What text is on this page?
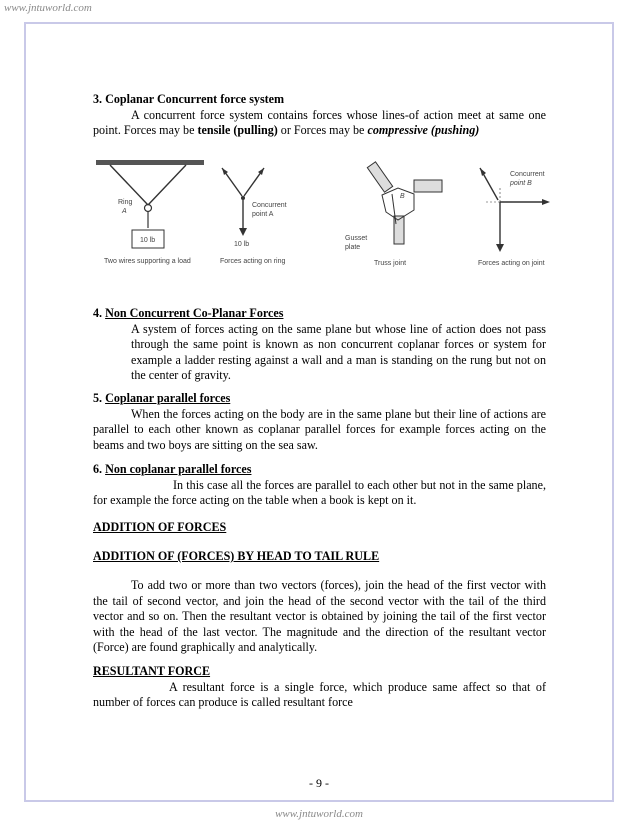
www.jntuworld.com

3. Coplanar Concurrent force system

A concurrent force system contains forces whose lines-of action meet at same one point. Forces may be tensile (pulling) or Forces may be compressive (pushing)

10 lb
Ring
A
Two wires supporting a load
Concurrent
point A
10 lb
Forces acting on ring
B
Gusset
plate
Truss joint
Concurrent
point B
Forces acting on joint

4. Non Concurrent Co-Planar Forces

A system of forces acting on the same plane but whose line of action does not pass through the same point is known as non concurrent coplanar forces or system for example a ladder resting against a wall and a man is standing on the rung but not on the center of gravity.

5. Coplanar parallel forces

When the forces acting on the body are in the same plane but their line of actions are parallel to each other known as coplanar parallel forces for example forces acting on the beams and two boys are sitting on the sea saw.

6. Non coplanar parallel forces

In this case all the forces are parallel to each other but not in the same plane, for example the force acting on the table when a book is kept on it.

ADDITION OF FORCES

ADDITION OF (FORCES) BY HEAD TO TAIL RULE

To add two or more than two vectors (forces), join the head of the first vector with the tail of second vector, and join the head of the second vector with the tail of the third vector and so on. Then the resultant vector is obtained by joining the tail of the first vector with the head of the last vector. The magnitude and the direction of the resultant vector (Force) are found graphically and analytically.

RESULTANT FORCE

A resultant force is a single force, which produce same affect so that of number of forces can produce is called resultant force

- 9 -
www.jntuworld.com
